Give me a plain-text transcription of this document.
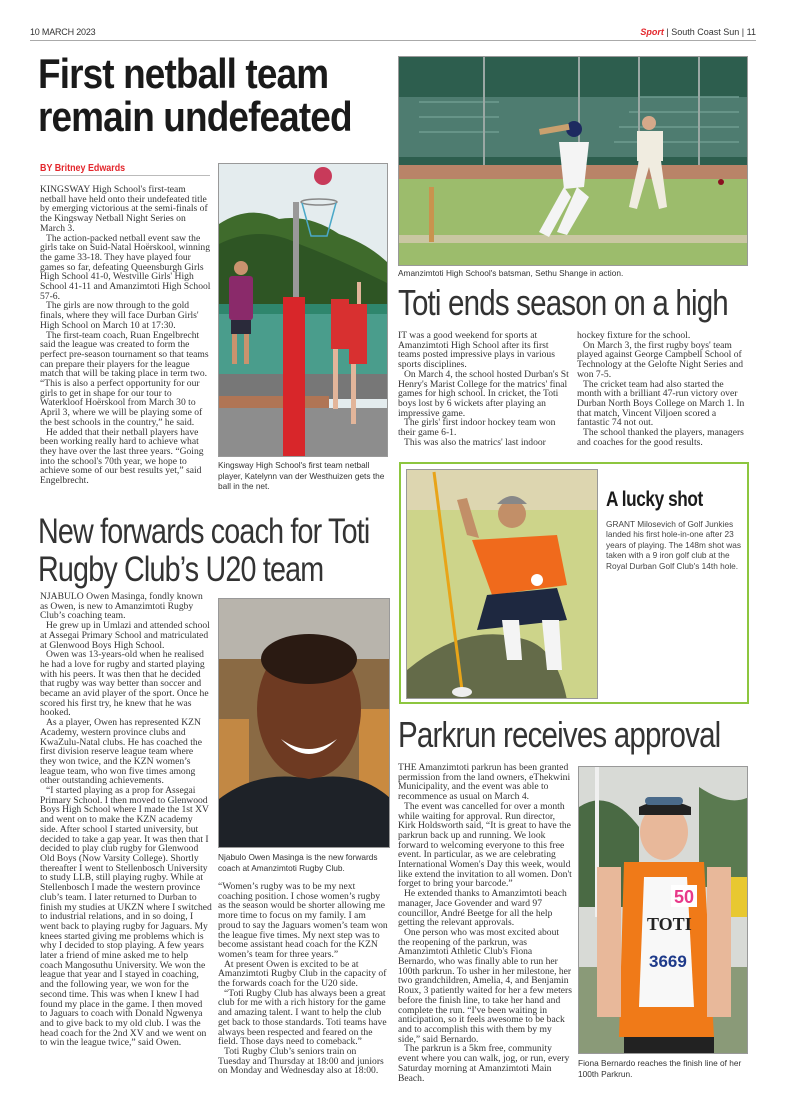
10 MARCH 2023	Sport | South Coast Sun | 11
First netball team
remain undefeated
BY Britney Edwards

KINGSWAY High School's first-team netball have held onto their undefeated title by emerging victorious at the semi-finals of the Kingsway Netball Night Series on March 3.

The action-packed netball event saw the girls take on Suid-Natal Hoërskool, winning the game 33-18. They have played four games so far, defeating Queensburgh Girls High School 41-0, Westville Girls' High School 41-11 and Amanzimtoti High School 57-6.

The girls are now through to the gold finals, where they will face Durban Girls' High School on March 10 at 17:30.

The first-team coach, Ruan Engelbrecht said the league was created to form the perfect pre-season tournament so that teams can prepare their players for the league match that will be taking place in term two. “This is also a perfect opportunity for our girls to get in shape for our tour to Waterkloof Hoërskool from March 30 to April 3, where we will be playing some of the best schools in the country,” he said.

He added that their netball players have been working really hard to achieve what they have over the last three years. “Going into the school's 70th year, we hope to achieve some of our best results yet,” said Engelbrecht.

Kingsway High School's first team netball player, Katelynn van der Westhuizen gets the ball in the net.
Amanzimtoti High School's batsman, Sethu Shange in action.
Toti ends season on a high

IT was a good weekend for sports at Amanzimtoti High School after its first teams posted impressive plays in various sports disciplines.

On March 4, the school hosted Durban's St Henry's Marist College for the matrics' final games for high school. In cricket, the Toti boys lost by 6 wickets after playing an impressive game.

The girls' first indoor hockey team won their game 6-1.

This was also the matrics' last indoor

hockey fixture for the school.

On March 3, the first rugby boys' team played against George Campbell School of Technology at the Gelofte Night Series and won 7-5.

The cricket team had also started the month with a brilliant 47-run victory over Durban North Boys College on March 1. In that match, Vincent Viljoen scored a fantastic 74 not out.

The school thanked the players, managers and coaches for the good results.

A lucky shot
GRANT Milosevich of Golf Junkies landed his first hole-in-one after 23 years of playing. The 148m shot was taken with a 9 iron golf club at the Royal Durban Golf Club's 14th hole.
New forwards coach for Toti
Rugby Club’s U20 team

NJABULO Owen Masinga, fondly known as Owen, is new to Amanzimtoti Rugby Club’s coaching team.

He grew up in Umlazi and attended school at Assegai Primary School and matriculated at Glenwood Boys High School.

Owen was 13-years-old when he realised he had a love for rugby and started playing with his peers. It was then that he decided that rugby was way better than soccer and became an avid player of the sport. Once he scored his first try, he knew that he was hooked.

As a player, Owen has represented KZN Academy, western province clubs and KwaZulu-Natal clubs. He has coached the first division reserve league team where they won twice, and the KZN women’s league team, who won five times among other outstanding achievements.

“I started playing as a prop for Assegai Primary School. I then moved to Glenwood Boys High School where I made the 1st XV and went on to make the KZN academy side. After school I started university, but decided to take a gap year. It was then that I decided to play club rugby for Glenwood Old Boys (Now Varsity College). Shortly thereafter I went to Stellenbosch University to study LLB, still playing rugby. While at Stellenbosch I made the western province club’s team. I later returned to Durban to finish my studies at UKZN where I switched to industrial relations, and in so doing, I went back to playing rugby for Jaguars. My knees started giving me problems which is why I decided to stop playing. A few years later a friend of mine asked me to help coach Mangosuthu University. We won the league that year and I stayed in coaching, and the following year, we won for the second time. This was when I knew I had found my place in the game. I then moved to Jaguars to coach with Donald Ngwenya and to give back to my old club. I was the head coach for the 2nd XV and we went on to win the league twice,” said Owen.

Njabulo Owen Masinga is the new forwards coach at Amanzimtoti Rugby Club.

“Women’s rugby was to be my next coaching position. I chose women’s rugby as the season would be shorter allowing me more time to focus on my family. I am proud to say the Jaguars women’s team won the league five times. My next step was to become assistant head coach for the KZN women’s team for three years.”

At present Owen is excited to be at Amanzimtoti Rugby Club in the capacity of the forwards coach for the U20 side.

“Toti Rugby Club has always been a great club for me with a rich history for the game and amazing talent. I want to help the club get back to those standards. Toti teams have always been respected and feared on the field. Those days need to comeback.”

Toti Rugby Club’s seniors train on Tuesday and Thursday at 18:00 and juniors on Monday and Wednesday also at 18:00.

Parkrun receives approval

THE Amanzimtoti parkrun has been granted permission from the land owners, eThekwini Municipality, and the event was able to recommence as usual on March 4.

The event was cancelled for over a month while waiting for approval. Run director, Kirk Holdsworth said, “It is great to have the parkrun back up and running. We look forward to welcoming everyone to this free event. In particular, as we are celebrating International Women's Day this week, would like extend the invitation to all women. Don't forget to bring your barcode.”

He extended thanks to Amanzimtoti beach manager, Jace Govender and ward 97 councillor, André Beetge for all the help getting the relevant approvals.

One person who was most excited about the reopening of the parkrun, was Amanzimtoti Athletic Club's Fiona Bernardo, who was finally able to run her 100th parkrun. To usher in her milestone, her two grandchildren, Amelia, 4, and Benjamin Roux, 3 patiently waited for her a few meters before the finish line, to take her hand and complete the run. “I've been waiting in anticipation, so it feels awesome to be back and to accomplish this with them by my side,” said Bernardo.

The parkrun is a 5km free, community event where you can walk, jog, or run, every Saturday morning at Amanzimtoti Main Beach.

50
TOTI
3669
Fiona Bernardo reaches the finish line of her 100th Parkrun.
